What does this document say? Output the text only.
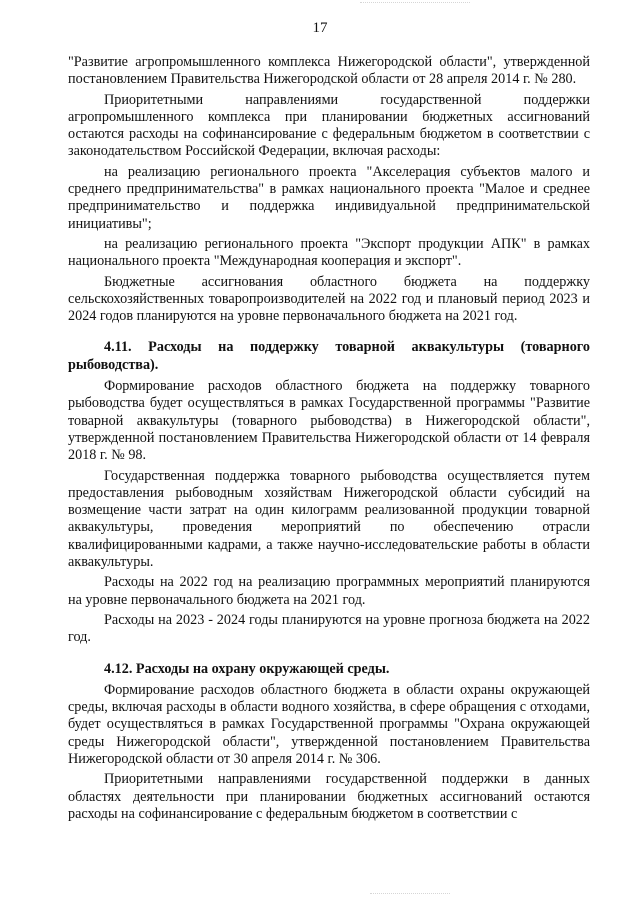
17

"Развитие агропромышленного комплекса Нижегородской области", утвержденной постановлением Правительства Нижегородской области от 28 апреля 2014 г. № 280.

Приоритетными направлениями государственной поддержки агропромышленного комплекса при планировании бюджетных ассигнований остаются расходы на софинансирование с федеральным бюджетом в соответствии с законодательством Российской Федерации, включая расходы:

на реализацию регионального проекта "Акселерация субъектов малого и среднего предпринимательства" в рамках национального проекта "Малое и среднее предпринимательство и поддержка индивидуальной предпринимательской инициативы";

на реализацию регионального проекта "Экспорт продукции АПК" в рамках национального проекта "Международная кооперация и экспорт".

Бюджетные ассигнования областного бюджета на поддержку сельскохозяйственных товаропроизводителей на 2022 год и плановый период 2023 и 2024 годов планируются на уровне первоначального бюджета на 2021 год.

4.11. Расходы на поддержку товарной аквакультуры (товарного рыбоводства).

Формирование расходов областного бюджета на поддержку товарного рыбоводства будет осуществляться в рамках Государственной программы "Развитие товарной аквакультуры (товарного рыбоводства) в Нижегородской области", утвержденной постановлением Правительства Нижегородской области от 14 февраля 2018 г. № 98.

Государственная поддержка товарного рыбоводства осуществляется путем предоставления рыбоводным хозяйствам Нижегородской области субсидий на возмещение части затрат на один килограмм реализованной продукции товарной аквакультуры, проведения мероприятий по обеспечению отрасли квалифицированными кадрами, а также научно-исследовательские работы в области аквакультуры.

Расходы на 2022 год на реализацию программных мероприятий планируются на уровне первоначального бюджета на 2021 год.

Расходы на 2023 - 2024 годы планируются на уровне прогноза бюджета на 2022 год.

4.12. Расходы на охрану окружающей среды.

Формирование расходов областного бюджета в области охраны окружающей среды, включая расходы в области водного хозяйства, в сфере обращения с отходами, будет осуществляться в рамках Государственной программы "Охрана окружающей среды Нижегородской области", утвержденной постановлением Правительства Нижегородской области от 30 апреля 2014 г. № 306.

Приоритетными направлениями государственной поддержки в данных областях деятельности при планировании бюджетных ассигнований остаются расходы на софинансирование с федеральным бюджетом в соответствии с
